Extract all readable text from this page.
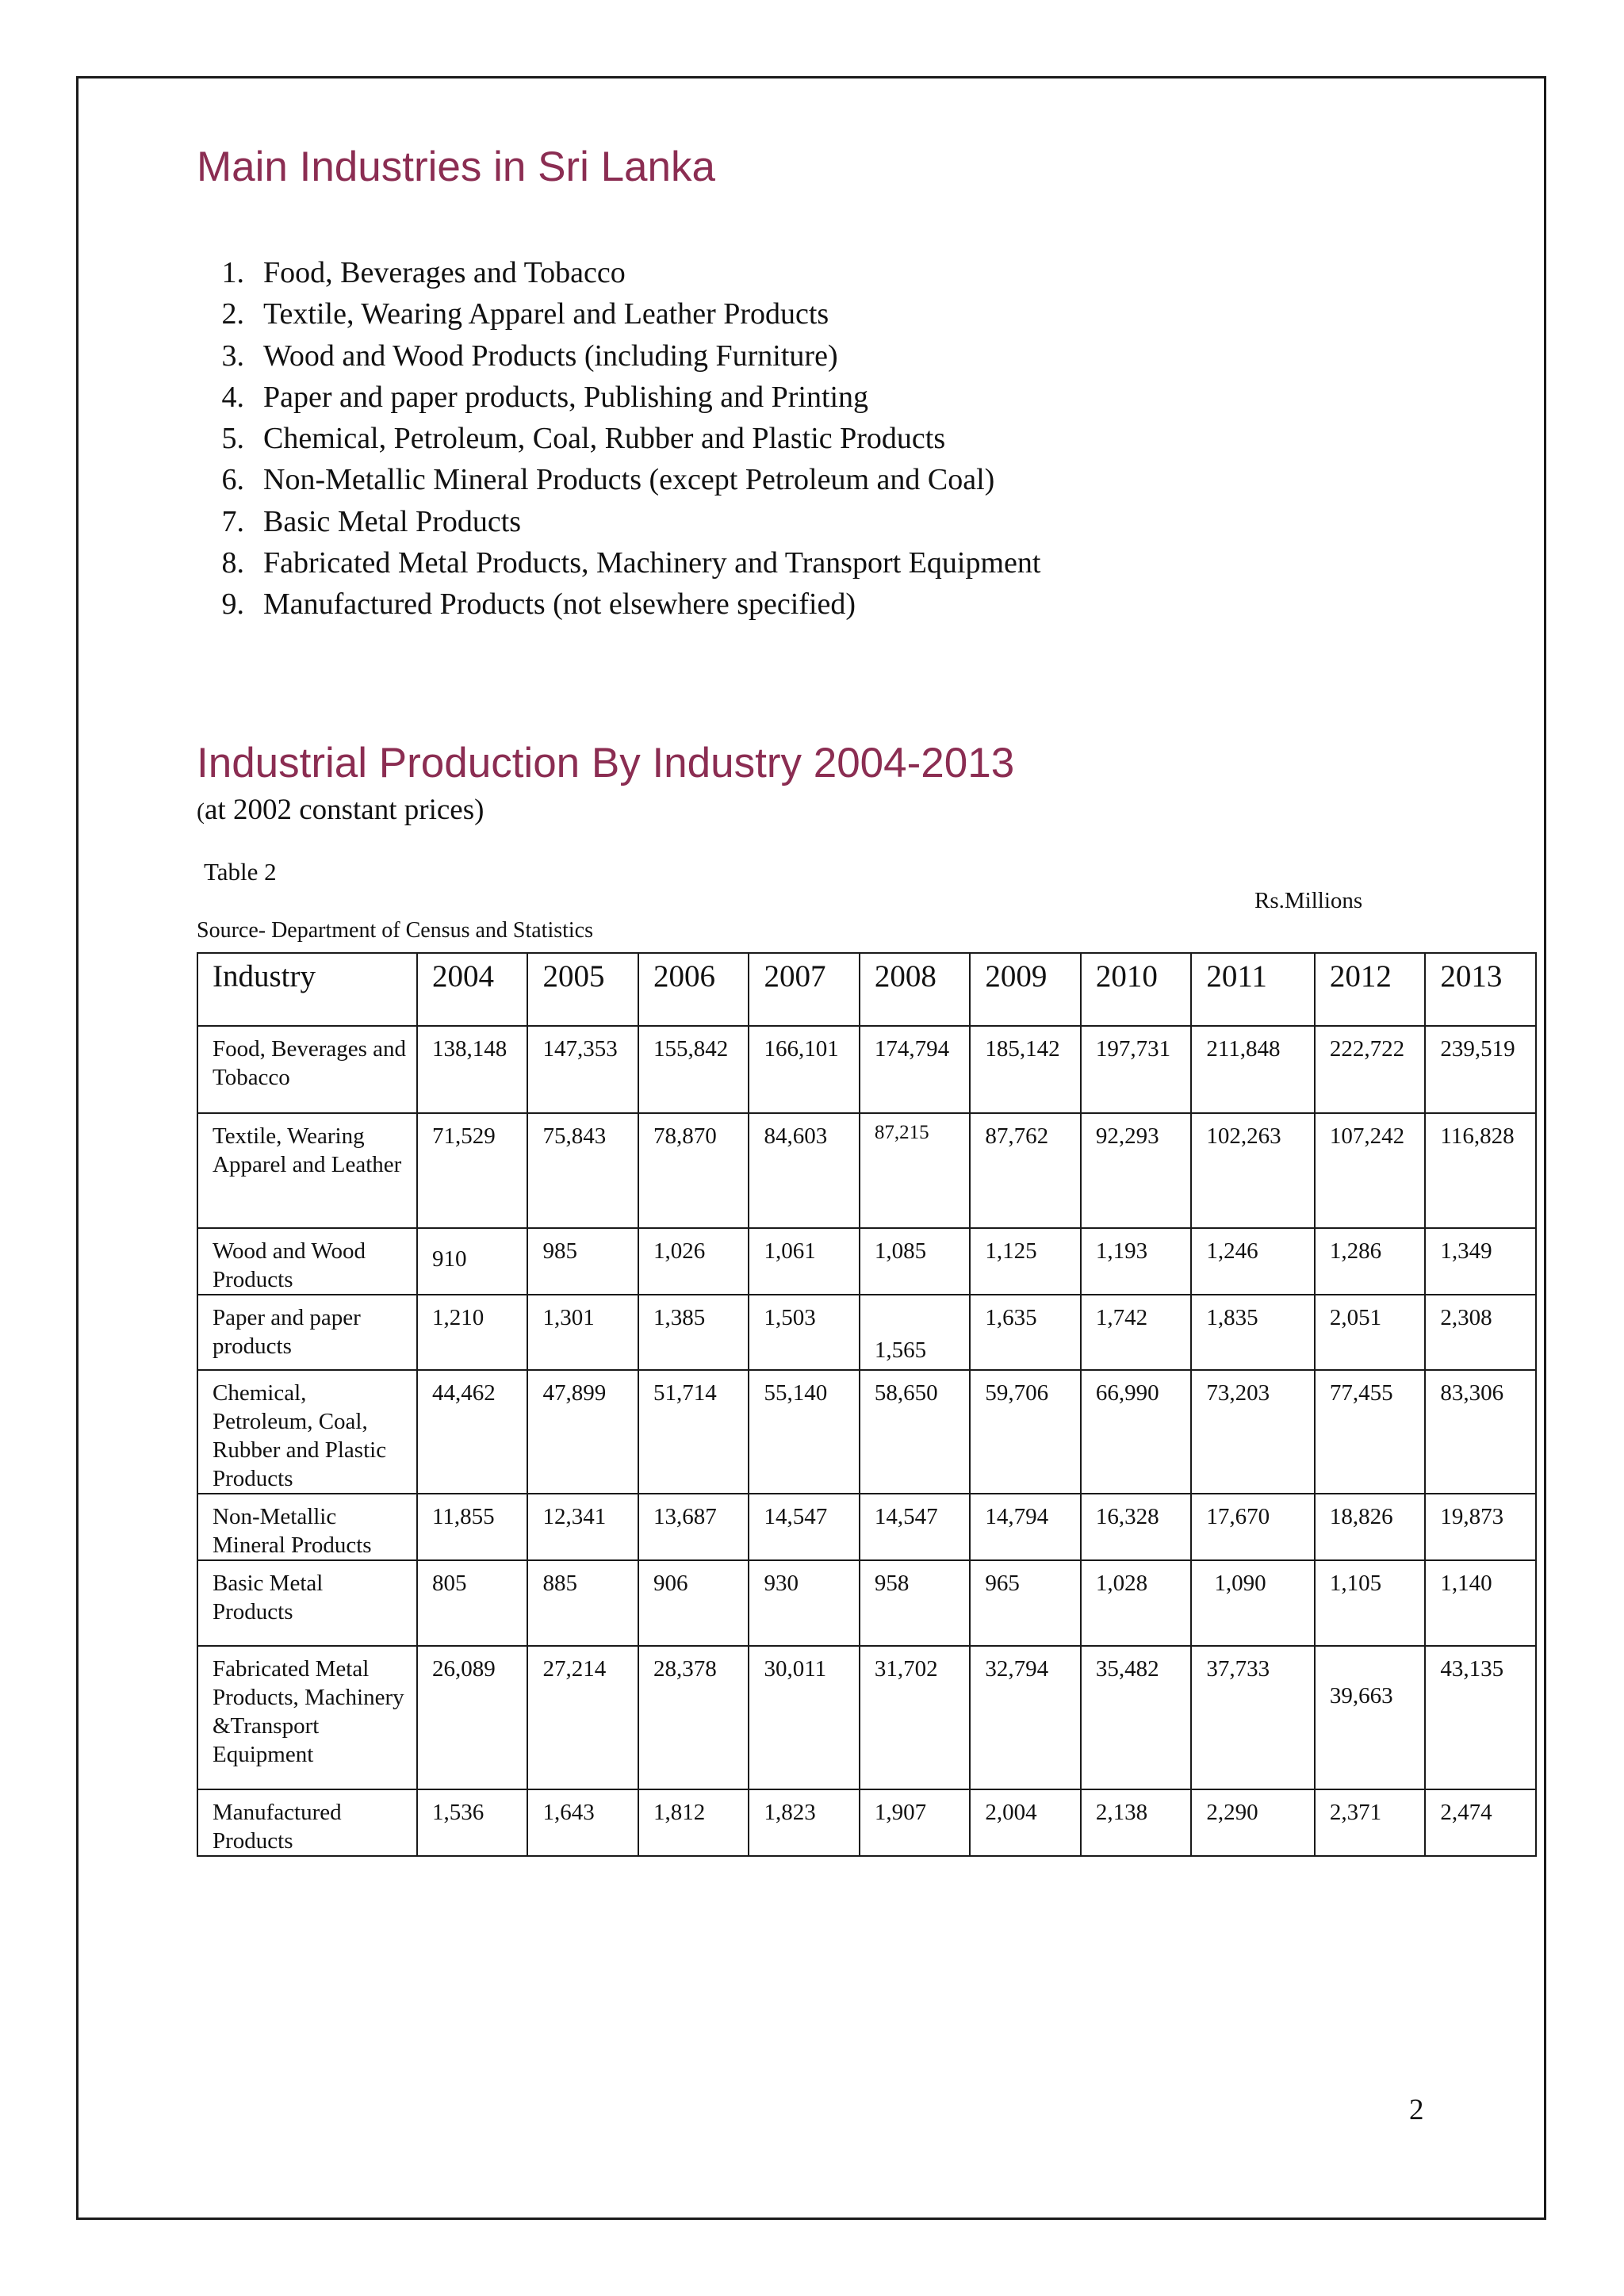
Main Industries in Sri Lanka
1. Food, Beverages and Tobacco
2. Textile, Wearing Apparel and Leather Products
3. Wood and Wood Products (including Furniture)
4. Paper and paper products, Publishing and Printing
5. Chemical, Petroleum, Coal, Rubber and Plastic Products
6. Non-Metallic Mineral Products (except Petroleum and Coal)
7. Basic Metal Products
8. Fabricated Metal Products, Machinery and Transport Equipment
9. Manufactured Products (not elsewhere specified)
Industrial Production By Industry 2004-2013

(at 2002 constant prices)

Table 2

Rs.Millions

Source- Department of Census and Statistics

Industry	2004	2005	2006	2007	2008	2009	2010	2011	2012	2013
Food, Beverages and Tobacco	138,148	147,353	155,842	166,101	174,794	185,142	197,731	211,848	222,722	239,519
Textile, Wearing Apparel and Leather	71,529	75,843	78,870	84,603	87,215	87,762	92,293	102,263	107,242	116,828
Wood and Wood Products	910	985	1,026	1,061	1,085	1,125	1,193	1,246	1,286	1,349
Paper and paper products	1,210	1,301	1,385	1,503	1,565	1,635	1,742	1,835	2,051	2,308
Chemical, Petroleum, Coal, Rubber and Plastic Products	44,462	47,899	51,714	55,140	58,650	59,706	66,990	73,203	77,455	83,306
Non-Metallic Mineral Products	11,855	12,341	13,687	14,547	14,547	14,794	16,328	17,670	18,826	19,873
Basic Metal Products	805	885	906	930	958	965	1,028	1,090	1,105	1,140
Fabricated Metal Products, Machinery &Transport Equipment	26,089	27,214	28,378	30,011	31,702	32,794	35,482	37,733	39,663	43,135
Manufactured Products	1,536	1,643	1,812	1,823	1,907	2,004	2,138	2,290	2,371	2,474
2
